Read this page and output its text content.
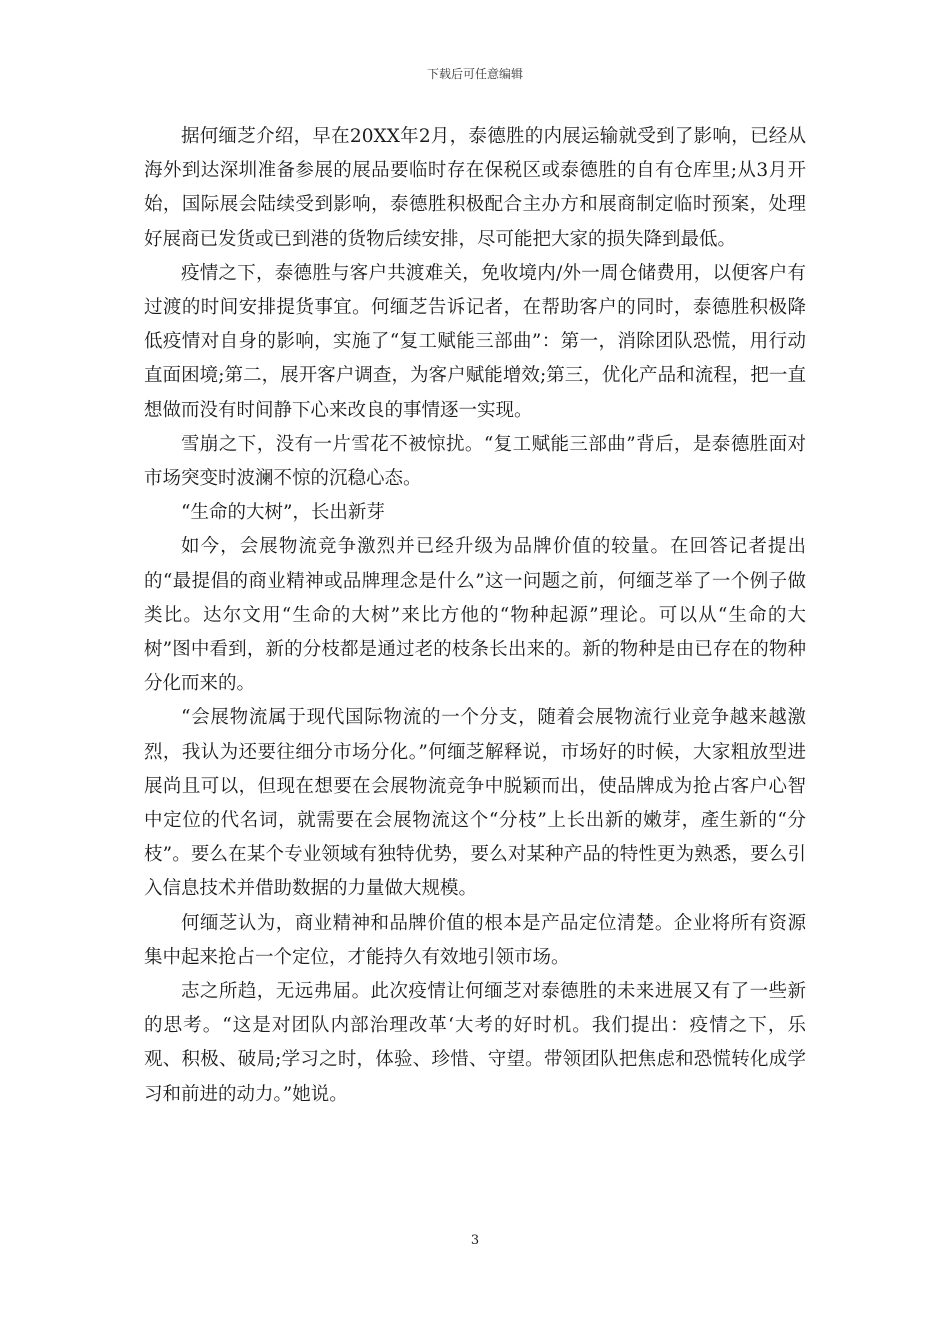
下载后可任意编辑

据何缅芝介绍，早在20XX年2月，泰德胜的内展运输就受到了影响，已经从海外到达深圳准备参展的展品要临时存在保税区或泰德胜的自有仓库里;从3月开始，国际展会陆续受到影响，泰德胜积极配合主办方和展商制定临时预案，处理好展商已发货或已到港的货物后续安排，尽可能把大家的损失降到最低。

疫情之下，泰德胜与客户共渡难关，免收境内/外一周仓储费用，以便客户有过渡的时间安排提货事宜。何缅芝告诉记者，在帮助客户的同时，泰德胜积极降低疫情对自身的影响，实施了“复工赋能三部曲”：第一，消除团队恐慌，用行动直面困境;第二，展开客户调查，为客户赋能增效;第三，优化产品和流程，把一直想做而没有时间静下心来改良的事情逐一实现。

雪崩之下，没有一片雪花不被惊扰。“复工赋能三部曲”背后，是泰德胜面对市场突变时波澜不惊的沉稳心态。

“生命的大树”，长出新芽

如今，会展物流竞争激烈并已经升级为品牌价值的较量。在回答记者提出的“最提倡的商业精神或品牌理念是什么”这一问题之前，何缅芝举了一个例子做类比。达尔文用“生命的大树”来比方他的“物种起源”理论。可以从“生命的大树”图中看到，新的分枝都是通过老的枝条长出来的。新的物种是由已存在的物种分化而来的。

“会展物流属于现代国际物流的一个分支，随着会展物流行业竞争越来越激烈，我认为还要往细分市场分化。”何缅芝解释说，市场好的时候，大家粗放型进展尚且可以，但现在想要在会展物流竞争中脱颖而出，使品牌成为抢占客户心智中定位的代名词，就需要在会展物流这个“分枝”上长出新的嫩芽，產生新的“分枝”。要么在某个专业领域有独特优势，要么对某种产品的特性更为熟悉，要么引入信息技术并借助数据的力量做大规模。

何缅芝认为，商业精神和品牌价值的根本是产品定位清楚。企业将所有资源集中起来抢占一个定位，才能持久有效地引领市场。

志之所趋，无远弗届。此次疫情让何缅芝对泰德胜的未来进展又有了一些新的思考。“这是对团队内部治理改革‘大考的好时机。我们提出：疫情之下，乐观、积极、破局;学习之时，体验、珍惜、守望。带领团队把焦虑和恐慌转化成学习和前进的动力。”她说。

3
